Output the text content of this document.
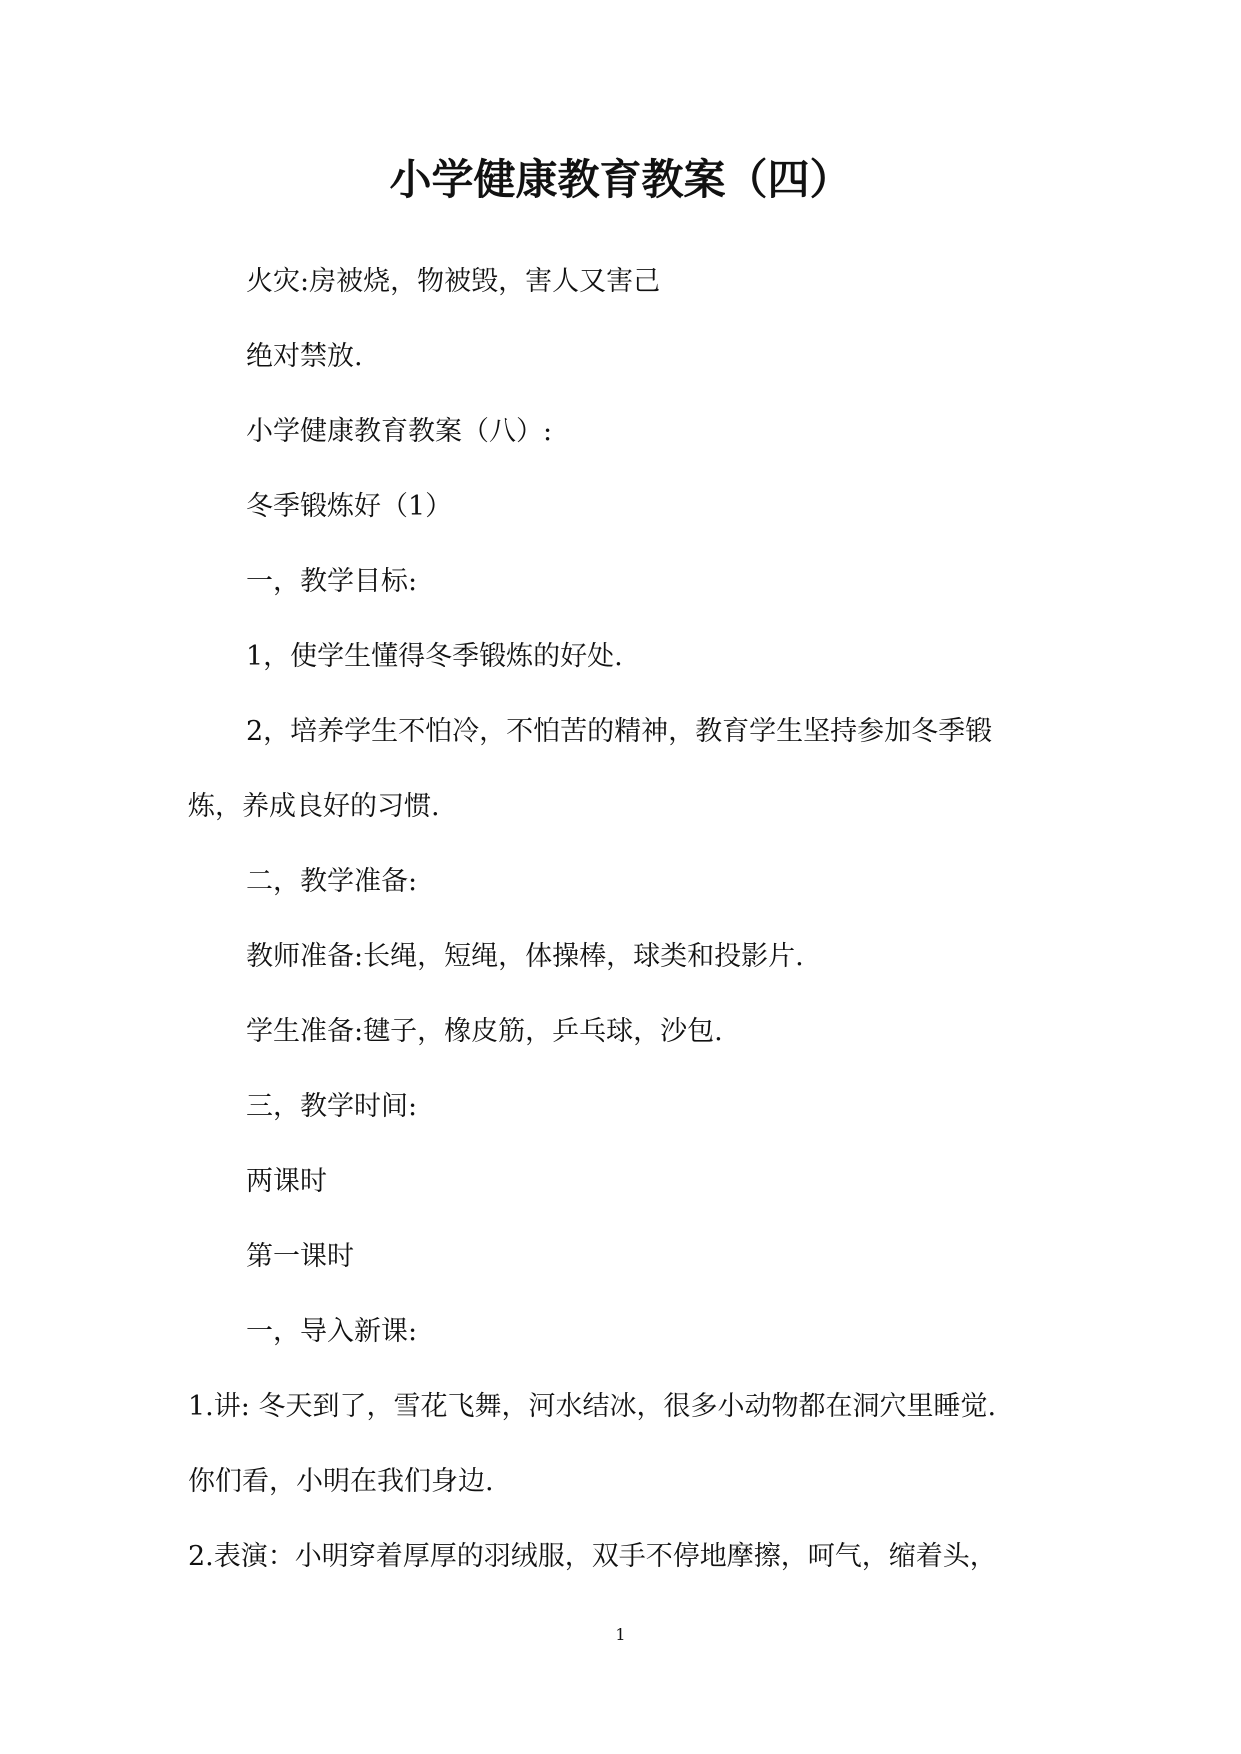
小学健康教育教案（四）

火灾:房被烧，物被毁，害人又害己

绝对禁放.

小学健康教育教案（八）:

冬季锻炼好（1）

一，教学目标:

1，使学生懂得冬季锻炼的好处.

2，培养学生不怕冷，不怕苦的精神，教育学生坚持参加冬季锻

炼，养成良好的习惯.

二，教学准备:

教师准备:长绳，短绳，体操棒，球类和投影片.

学生准备:毽子，橡皮筋，乒乓球，沙包.

三，教学时间:

两课时

第一课时

一，导入新课:

1.讲: 冬天到了，雪花飞舞，河水结冰，很多小动物都在洞穴里睡觉.

你们看，小明在我们身边.

2.表演：小明穿着厚厚的羽绒服，双手不停地摩擦，呵气，缩着头，

1
